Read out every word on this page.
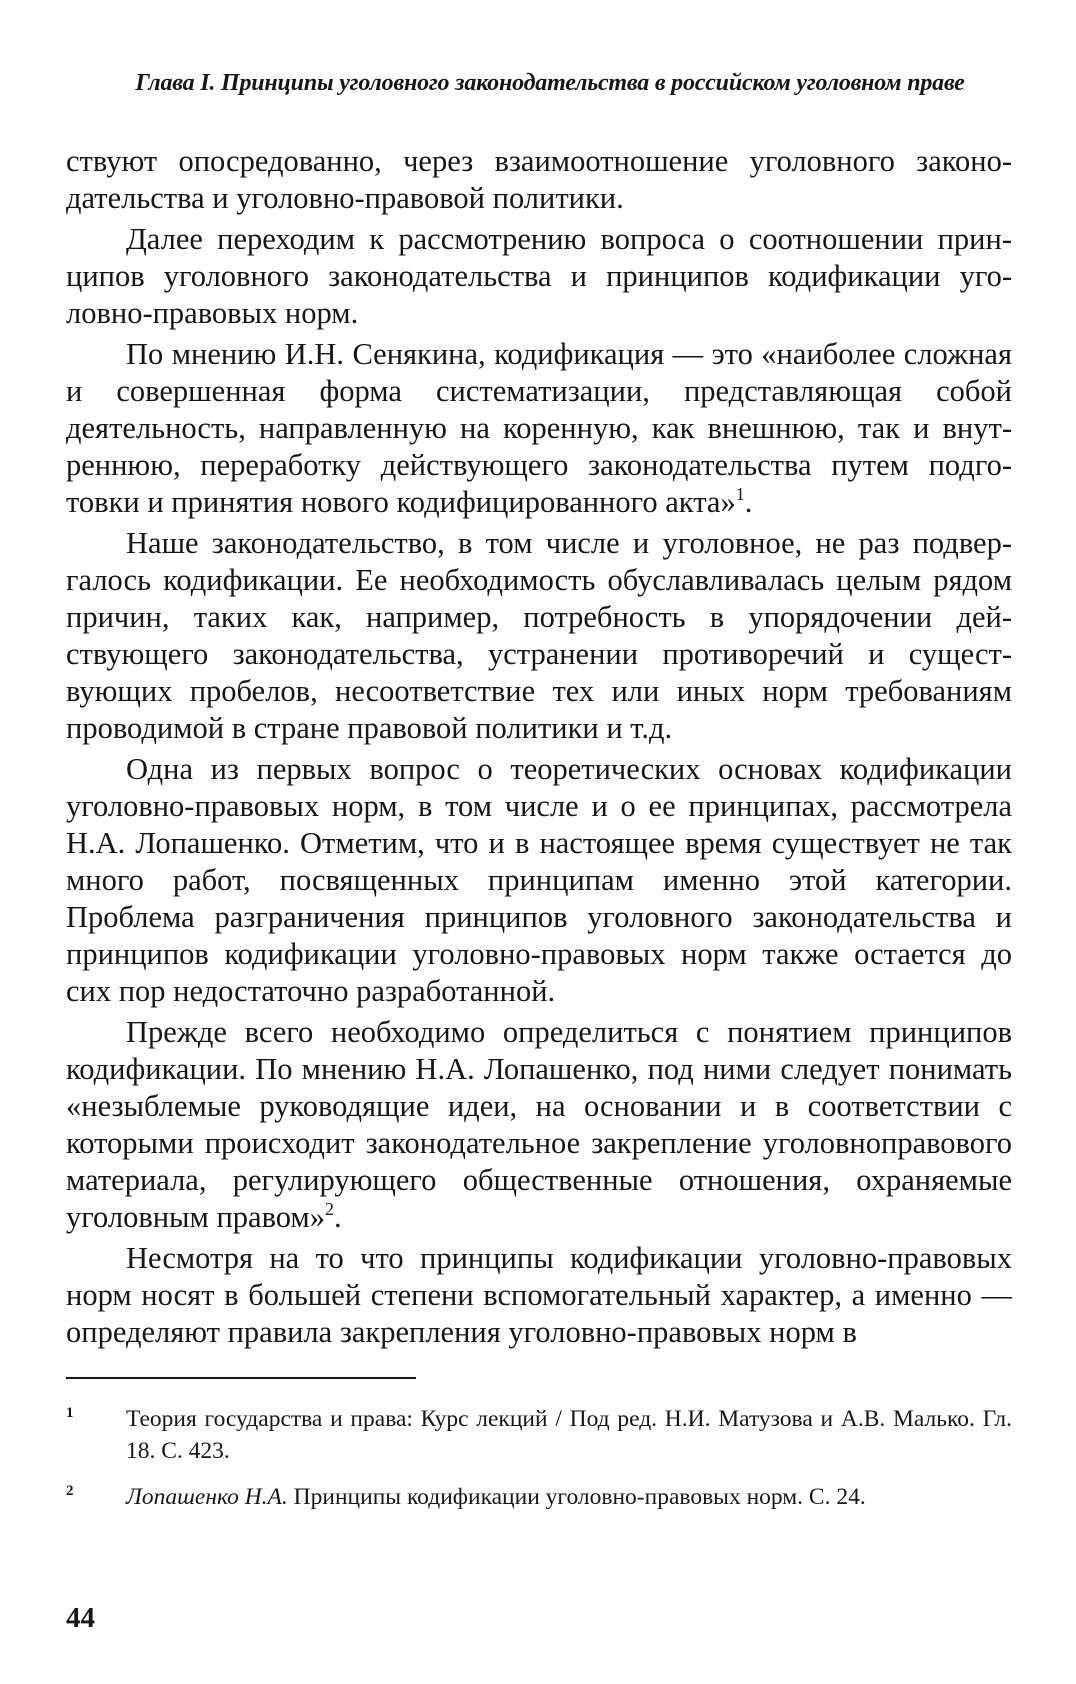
Глава I. Принципы уголовного законодательства в российском уголовном праве

ствуют опосредованно, через взаимоотношение уголовного законодательства и уголовно-правовой политики.

Далее переходим к рассмотрению вопроса о соотношении принципов уголовного законодательства и принципов кодификации уголовно-правовых норм.

По мнению И.Н. Сенякина, кодификация — это «наиболее сложная и совершенная форма систематизации, представляющая собой деятельность, направленную на коренную, как внешнюю, так и внутреннюю, переработку действующего законодательства путем подготовки и принятия нового кодифицированного акта»$^1$.

Наше законодательство, в том числе и уголовное, не раз подвергалось кодификации. Ее необходимость обуславливалась целым рядом причин, таких как, например, потребность в упорядочении действующего законодательства, устранении противоречий и существующих пробелов, несоответствие тех или иных норм требованиям проводимой в стране правовой политики и т.д.

Одна из первых вопрос о теоретических основах кодификации уголовно-правовых норм, в том числе и о ее принципах, рассмотрела Н.А. Лопашенко. Отметим, что и в настоящее время существует не так много работ, посвященных принципам именно этой категории. Проблема разграничения принципов уголовного законодательства и принципов кодификации уголовно-правовых норм также остается до сих пор недостаточно разработанной.

Прежде всего необходимо определиться с понятием принципов кодификации. По мнению Н.А. Лопашенко, под ними следует понимать «незыблемые руководящие идеи, на основании и в соответствии с которыми происходит законодательное закрепление уголовноправового материала, регулирующего общественные отношения, охраняемые уголовным правом»$^2$.

Несмотря на то что принципы кодификации уголовно-правовых норм носят в большей степени вспомогательный характер, а именно — определяют правила закрепления уголовно-правовых норм в

1	Теория государства и права: Курс лекций / Под ред. Н.И. Матузова и А.В. Малько. Гл. 18. С. 423.
2	Лопашенко Н.А. Принципы кодификации уголовно-правовых норм. С. 24.
44
